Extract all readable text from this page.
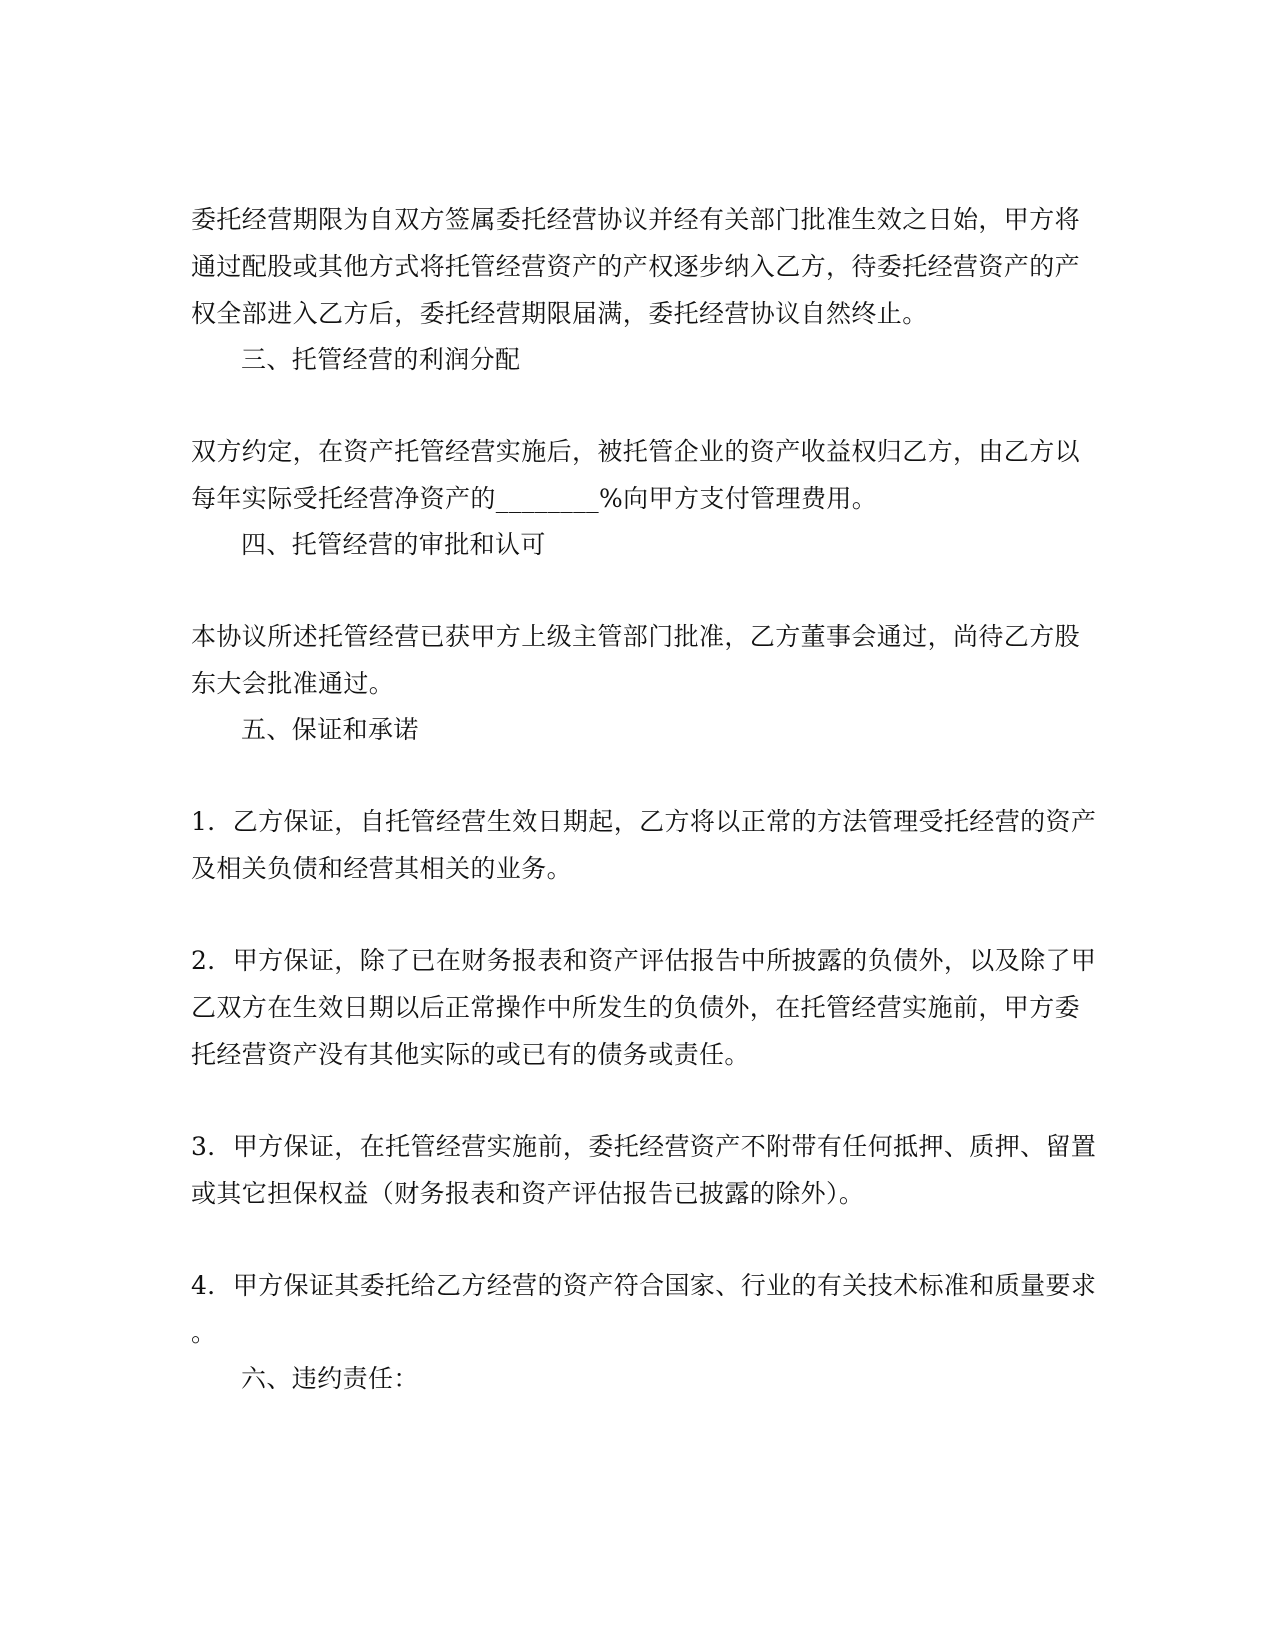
委托经营期限为自双方签属委托经营协议并经有关部门批准生效之日始，甲方将
通过配股或其他方式将托管经营资产的产权逐步纳入乙方，待委托经营资产的产
权全部进入乙方后，委托经营期限届满，委托经营协议自然终止。
三、托管经营的利润分配
双方约定，在资产托管经营实施后，被托管企业的资产收益权归乙方，由乙方以
每年实际受托经营净资产的________%向甲方支付管理费用。
四、托管经营的审批和认可
本协议所述托管经营已获甲方上级主管部门批准，乙方董事会通过，尚待乙方股
东大会批准通过。
五、保证和承诺
1．乙方保证，自托管经营生效日期起，乙方将以正常的方法管理受托经营的资产
及相关负债和经营其相关的业务。
2．甲方保证，除了已在财务报表和资产评估报告中所披露的负债外，以及除了甲
乙双方在生效日期以后正常操作中所发生的负债外，在托管经营实施前，甲方委
托经营资产没有其他实际的或已有的债务或责任。
3．甲方保证，在托管经营实施前，委托经营资产不附带有任何抵押、质押、留置
或其它担保权益（财务报表和资产评估报告已披露的除外）。
4．甲方保证其委托给乙方经营的资产符合国家、行业的有关技术标准和质量要求
。
六、违约责任：
